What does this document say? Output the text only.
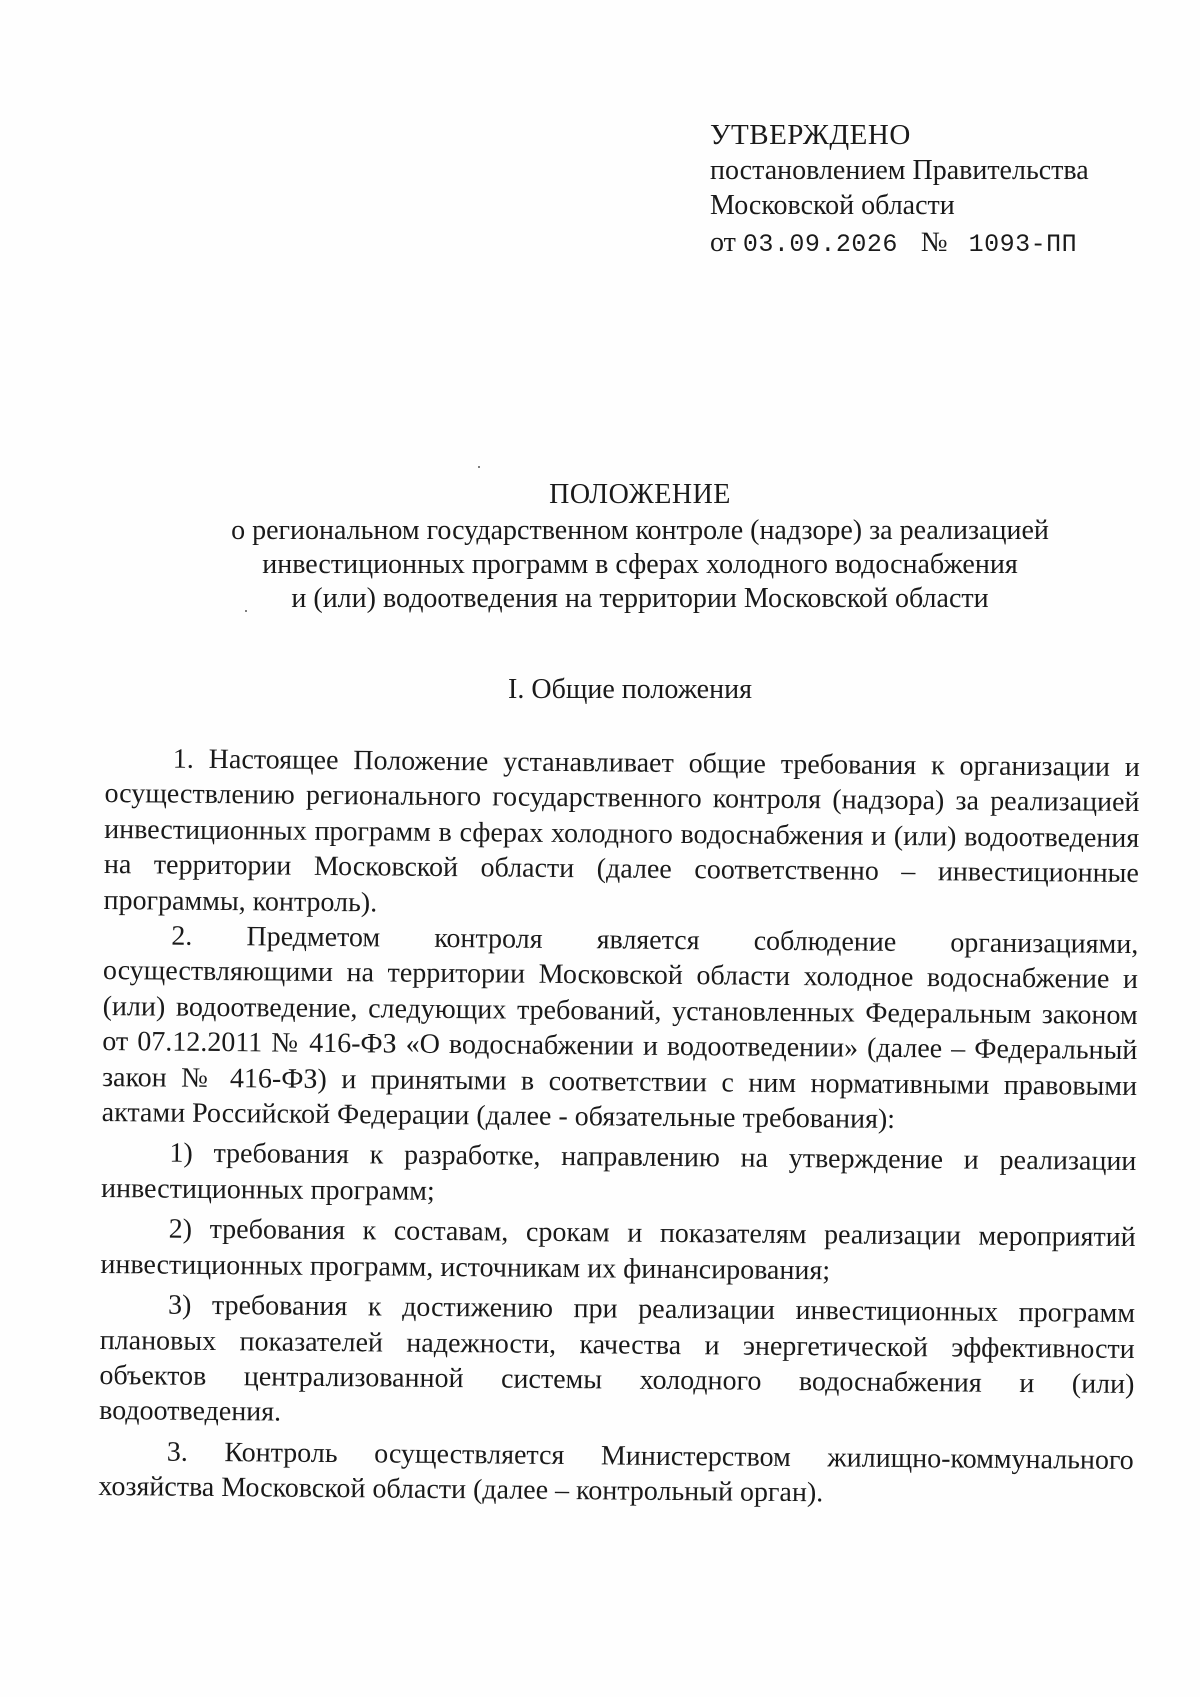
УТВЕРЖДЕНО
постановлением Правительства
Московской области
от 03.09.2026 № 1093-ПП
ПОЛОЖЕНИЕ
о региональном государственном контроле (надзоре) за реализацией
инвестиционных программ в сферах холодного водоснабжения
и (или) водоотведения на территории Московской области
I. Общие положения

1. Настоящее Положение устанавливает общие требования к организации и осуществлению регионального государственного контроля (надзора) за реализацией инвестиционных программ в сферах холодного водоснабжения и (или) водоотведения на территории Московской области (далее соответственно – инвестиционные программы, контроль).

2. Предметом контроля является соблюдение организациями, осуществляющими на территории Московской области холодное водоснабжение и (или) водоотведение, следующих требований, установленных Федеральным законом от 07.12.2011 № 416-ФЗ «О водоснабжении и водоотведении» (далее – Федеральный закон № 416-ФЗ) и принятыми в соответствии с ним нормативными правовыми актами Российской Федерации (далее - обязательные требования):

1) требования к разработке, направлению на утверждение и реализации инвестиционных программ;

2) требования к составам, срокам и показателям реализации мероприятий инвестиционных программ, источникам их финансирования;

3) требования к достижению при реализации инвестиционных программ плановых показателей надежности, качества и энергетической эффективности объектов централизованной системы холодного водоснабжения и (или) водоотведения.

3. Контроль осуществляется Министерством жилищно-коммунального хозяйства Московской области (далее – контрольный орган).
